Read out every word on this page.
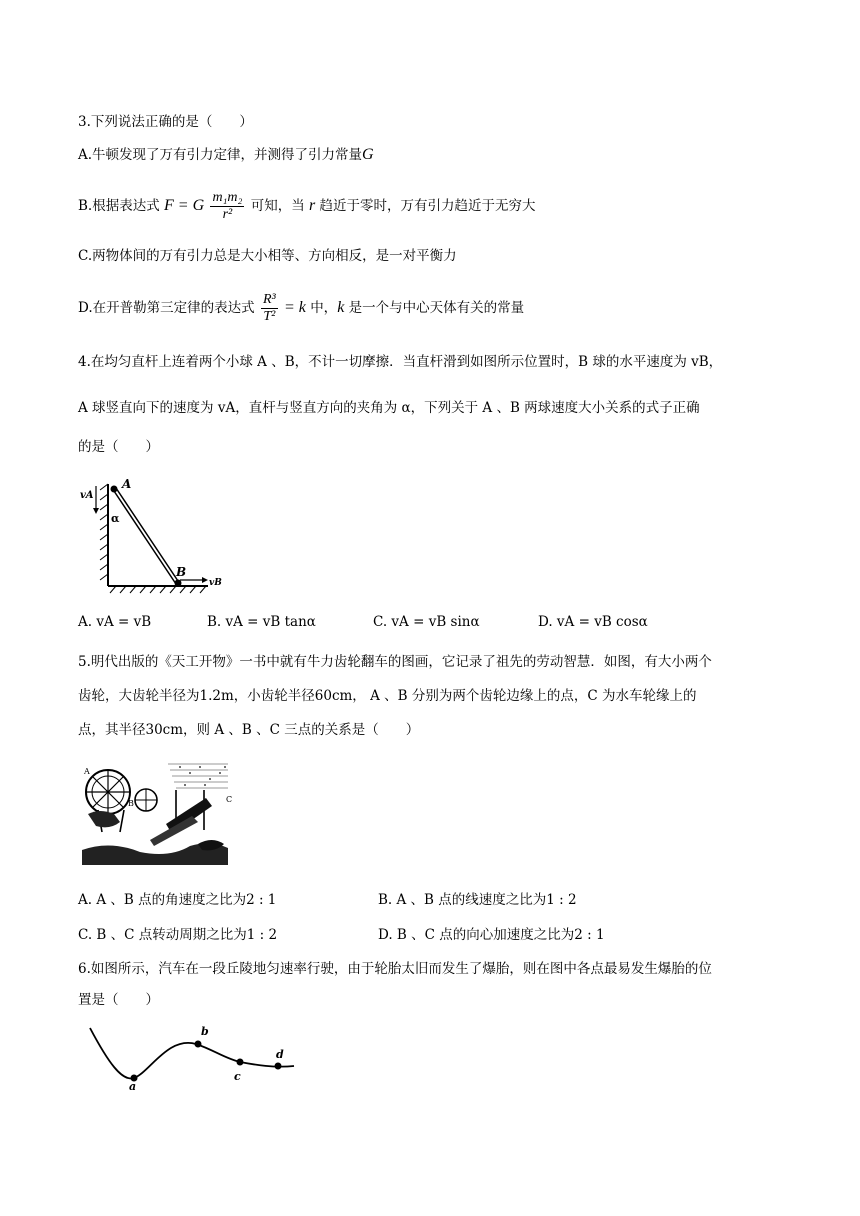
3.下列说法正确的是（　　）
A.牛顿发现了万有引力定律，并测得了引力常量G
B.根据表达式 F = G $\frac{\text{m₁m₂}}{\text{r²}}$ 可知，当 r 趋近于零时，万有引力趋近于无穷大
C.两物体间的万有引力总是大小相等、方向相反，是一对平衡力
D.在开普勒第三定律的表达式 $\frac{\text{R³}}{\text{T²}} = k$ 中，k 是一个与中心天体有关的常量
4.在均匀直杆上连着两个小球 A 、B，不计一切摩擦．当直杆滑到如图所示位置时，B 球的水平速度为 vB，
A 球竖直向下的速度为 vA，直杆与竖直方向的夹角为 α，下列关于 A 、B 两球速度大小关系的式子正确
的是（　　）
vA
A
α
B
vB
A. vA = vB	B. vA = vB tanα	C. vA = vB sinα	D. vA = vB cosα
5.明代出版的《天工开物》一书中就有牛力齿轮翻车的图画，它记录了祖先的劳动智慧．如图，有大小两个
齿轮，大齿轮半径为1.2m，小齿轮半径60cm， A 、B 分别为两个齿轮边缘上的点，C 为水车轮缘上的
点，其半径30cm，则 A 、B 、C 三点的关系是（　　）
A
B	C
A. A 、B 点的角速度之比为2 : 1	B. A 、B 点的线速度之比为1 : 2
C. B 、C 点转动周期之比为1 : 2	D. B 、C 点的向心加速度之比为2 : 1
6.如图所示，汽车在一段丘陵地匀速率行驶，由于轮胎太旧而发生了爆胎，则在图中各点最易发生爆胎的位
置是（　　）
a
b
c
d
